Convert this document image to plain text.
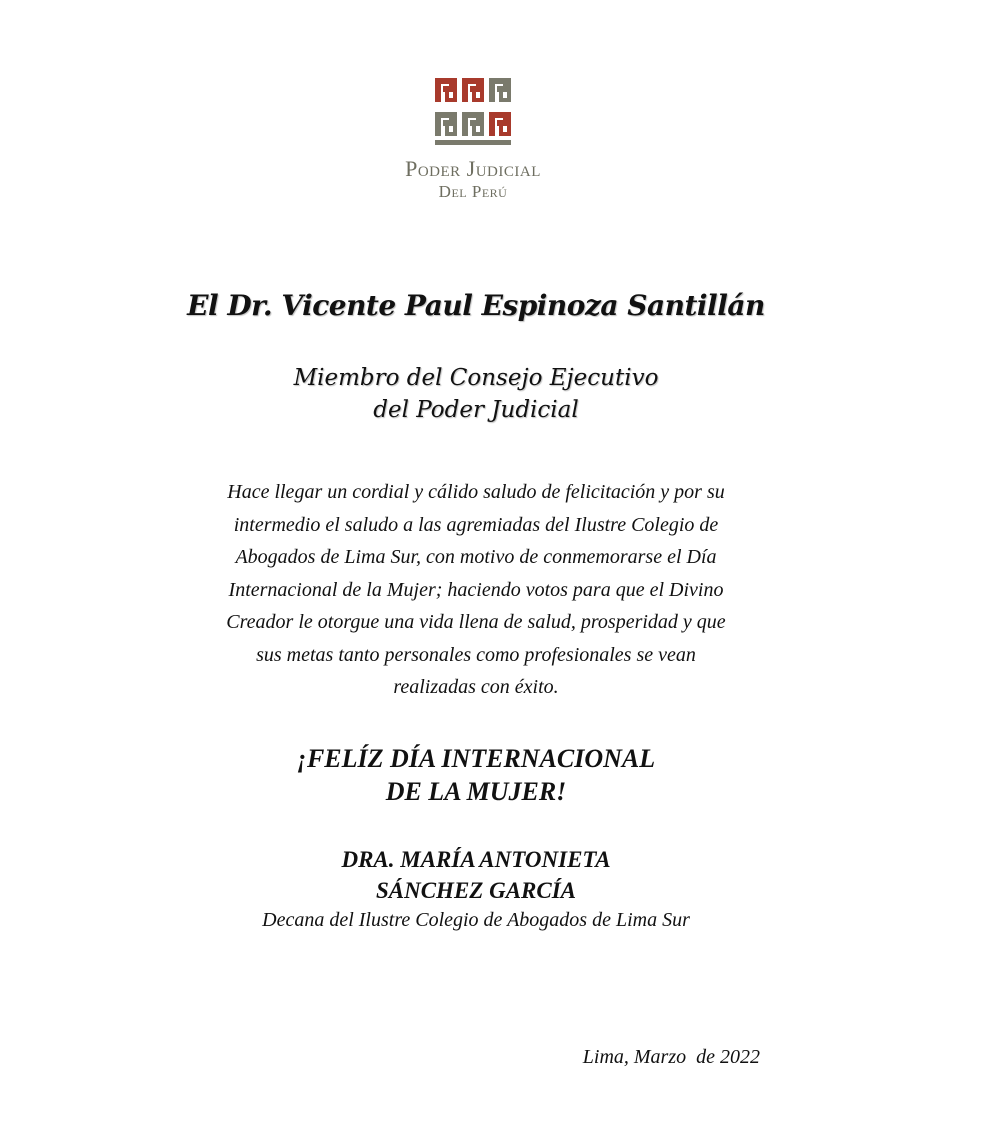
Poder Judicial
Del Perú
El Dr. Vicente Paul Espinoza Santillán
Miembro del Consejo Ejecutivo
del Poder Judicial
Hace llegar un cordial y cálido saludo de felicitación y por su
intermedio el saludo a las agremiadas del Ilustre Colegio de
Abogados de Lima Sur, con motivo de conmemorarse el Día
Internacional de la Mujer; haciendo votos para que el Divino
Creador le otorgue una vida llena de salud, prosperidad y que
sus metas tanto personales como profesionales se vean
realizadas con éxito.
¡FELÍZ DÍA INTERNACIONAL
DE LA MUJER!
DRA. MARÍA ANTONIETA
SÁNCHEZ GARCÍA
Decana del Ilustre Colegio de Abogados de Lima Sur
Lima, Marzo  de 2022
